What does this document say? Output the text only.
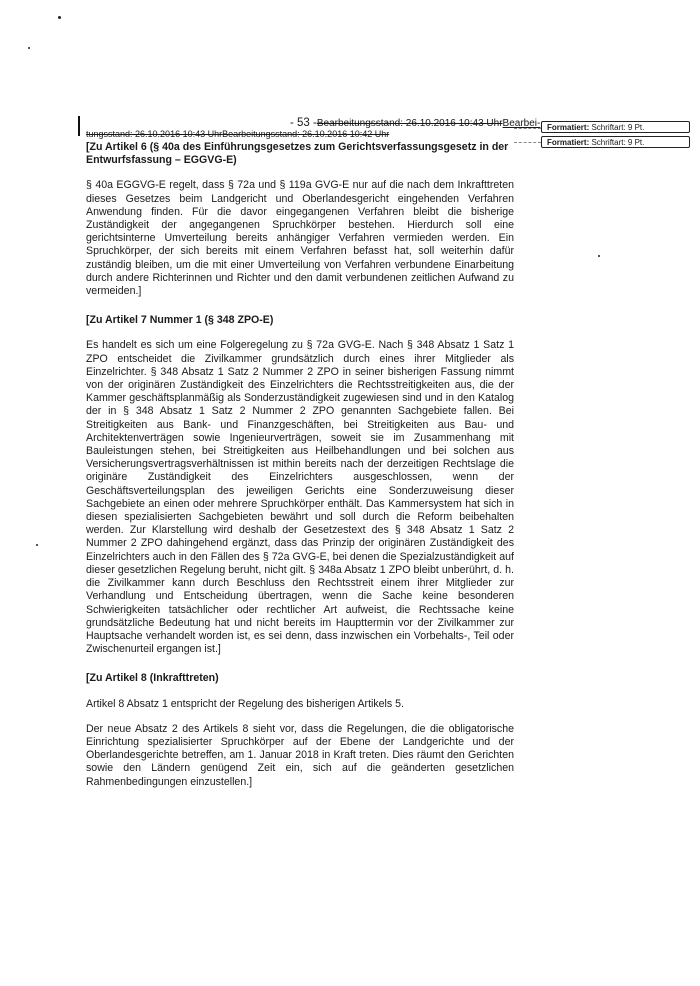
- 53 -Bearbeitungsstand: 26.10.2016 10:43 UhrBearbei-
tungsstand: 26.10.2016 10:43 UhrBearbeitungsstand: 26.10.2016 10:42 Uhr
Formatiert: Schriftart: 9 Pt.
Formatiert: Schriftart: 9 Pt.
[Zu Artikel 6 (§ 40a des Einführungsgesetzes zum Gerichtsverfassungsgesetz in der Entwurfsfassung – EGGVG-E)

§ 40a EGGVG-E regelt, dass § 72a und § 119a GVG-E nur auf die nach dem Inkrafttreten dieses Gesetzes beim Landgericht und Oberlandesgericht eingehenden Verfahren Anwendung finden. Für die davor eingegangenen Verfahren bleibt die bisherige Zuständigkeit der angegangenen Spruchkörper bestehen. Hierdurch soll eine gerichtsinterne Umverteilung bereits anhängiger Verfahren vermieden werden. Ein Spruchkörper, der sich bereits mit einem Verfahren befasst hat, soll weiterhin dafür zuständig bleiben, um die mit einer Umverteilung von Verfahren verbundene Einarbeitung durch andere Richterinnen und Richter und den damit verbundenen zeitlichen Aufwand zu vermeiden.]

[Zu Artikel 7 Nummer 1 (§ 348 ZPO-E)

Es handelt es sich um eine Folgeregelung zu § 72a GVG-E. Nach § 348 Absatz 1 Satz 1 ZPO entscheidet die Zivilkammer grundsätzlich durch eines ihrer Mitglieder als Einzelrichter. § 348 Absatz 1 Satz 2 Nummer 2 ZPO in seiner bisherigen Fassung nimmt von der originären Zuständigkeit des Einzelrichters die Rechtsstreitigkeiten aus, die der Kammer geschäftsplanmäßig als Sonderzuständigkeit zugewiesen sind und in den Katalog der in § 348 Absatz 1 Satz 2 Nummer 2 ZPO genannten Sachgebiete fallen. Bei Streitigkeiten aus Bank- und Finanzgeschäften, bei Streitigkeiten aus Bau- und Architektenverträgen sowie Ingenieurverträgen, soweit sie im Zusammenhang mit Bauleistungen stehen, bei Streitigkeiten aus Heilbehandlungen und bei solchen aus Versicherungsvertragsverhältnissen ist mithin bereits nach der derzeitigen Rechtslage die originäre Zuständigkeit des Einzelrichters ausgeschlossen, wenn der Geschäftsverteilungsplan des jeweiligen Gerichts eine Sonderzuweisung dieser Sachgebiete an einen oder mehrere Spruchkörper enthält. Das Kammersystem hat sich in diesen spezialisierten Sachgebieten bewährt und soll durch die Reform beibehalten werden. Zur Klarstellung wird deshalb der Gesetzestext des § 348 Absatz 1 Satz 2 Nummer 2 ZPO dahingehend ergänzt, dass das Prinzip der originären Zuständigkeit des Einzelrichters auch in den Fällen des § 72a GVG-E, bei denen die Spezialzuständigkeit auf dieser gesetzlichen Regelung beruht, nicht gilt. § 348a Absatz 1 ZPO bleibt unberührt, d. h. die Zivilkammer kann durch Beschluss den Rechtsstreit einem ihrer Mitglieder zur Verhandlung und Entscheidung übertragen, wenn die Sache keine besonderen Schwierigkeiten tatsächlicher oder rechtlicher Art aufweist, die Rechtssache keine grundsätzliche Bedeutung hat und nicht bereits im Haupttermin vor der Zivilkammer zur Hauptsache verhandelt worden ist, es sei denn, dass inzwischen ein Vorbehalts-, Teil oder Zwischenurteil ergangen ist.]

[Zu Artikel 8 (Inkrafttreten)

Artikel 8 Absatz 1 entspricht der Regelung des bisherigen Artikels 5.

Der neue Absatz 2 des Artikels 8 sieht vor, dass die Regelungen, die die obligatorische Einrichtung spezialisierter Spruchkörper auf der Ebene der Landgerichte und der Oberlandesgerichte betreffen, am 1. Januar 2018 in Kraft treten. Dies räumt den Gerichten sowie den Ländern genügend Zeit ein, sich auf die geänderten gesetzlichen Rahmenbedingungen einzustellen.]
